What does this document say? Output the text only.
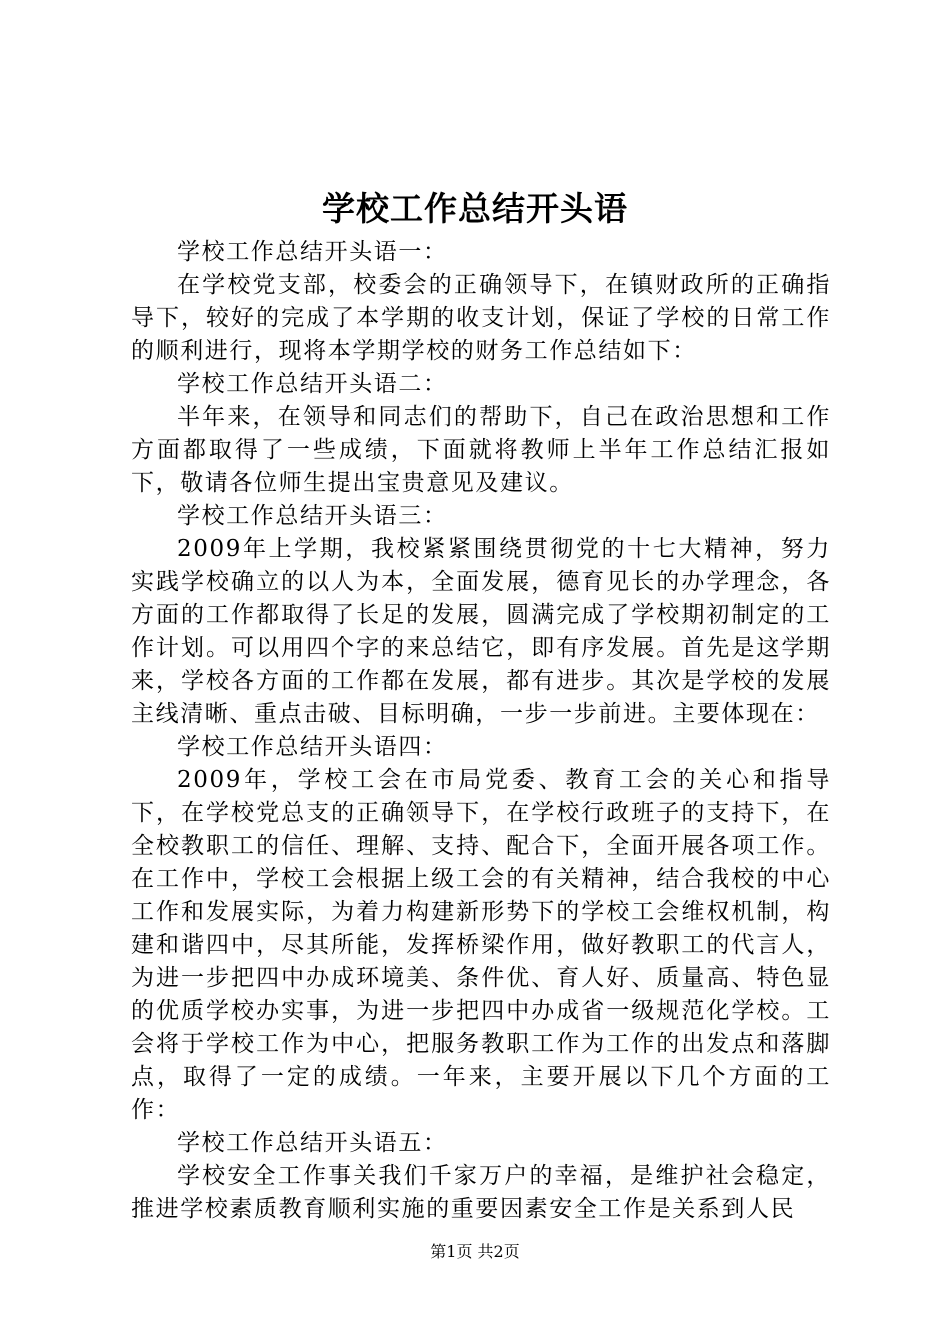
学校工作总结开头语

学校工作总结开头语一：

在学校党支部，校委会的正确领导下，在镇财政所的正确指导下，较好的完成了本学期的收支计划，保证了学校的日常工作的顺利进行，现将本学期学校的财务工作总结如下：

学校工作总结开头语二：

半年来，在领导和同志们的帮助下，自己在政治思想和工作方面都取得了一些成绩，下面就将教师上半年工作总结汇报如下，敬请各位师生提出宝贵意见及建议。

学校工作总结开头语三：

2009年上学期，我校紧紧围绕贯彻党的十七大精神，努力实践学校确立的以人为本，全面发展，德育见长的办学理念，各方面的工作都取得了长足的发展，圆满完成了学校期初制定的工作计划。可以用四个字的来总结它，即有序发展。首先是这学期来，学校各方面的工作都在发展，都有进步。其次是学校的发展主线清晰、重点击破、目标明确，一步一步前进。主要体现在：

学校工作总结开头语四：

2009年，学校工会在市局党委、教育工会的关心和指导下，在学校党总支的正确领导下，在学校行政班子的支持下，在全校教职工的信任、理解、支持、配合下，全面开展各项工作。在工作中，学校工会根据上级工会的有关精神，结合我校的中心工作和发展实际，为着力构建新形势下的学校工会维权机制，构建和谐四中，尽其所能，发挥桥梁作用，做好教职工的代言人，为进一步把四中办成环境美、条件优、育人好、质量高、特色显的优质学校办实事，为进一步把四中办成省一级规范化学校。工会将于学校工作为中心，把服务教职工作为工作的出发点和落脚点，取得了一定的成绩。一年来，主要开展以下几个方面的工作：

学校工作总结开头语五：

学校安全工作事关我们千家万户的幸福，是维护社会稳定，推进学校素质教育顺利实施的重要因素安全工作是关系到人民

第1页 共2页
